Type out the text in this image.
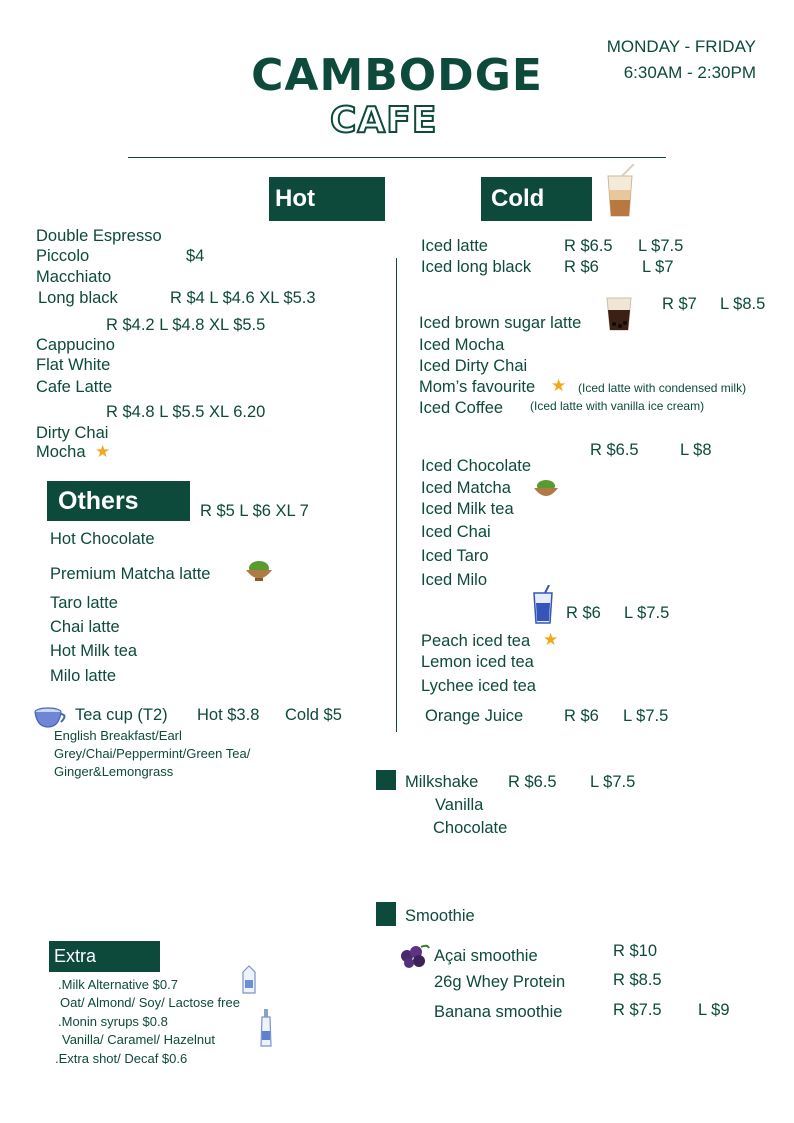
CAMBODGE
CAFE
MONDAY - FRIDAY
6:30AM - 2:30PM
Hot
Double Espresso
Piccolo	$4
Macchiato
Long black	R $4 L $4.6 XL $5.3
R $4.2 L $4.8 XL $5.5
Cappucino
Flat White
Cafe Latte
R $4.8 L $5.5 XL 6.20
Dirty Chai
Mocha ★
Others	R $5 L $6 XL 7
Hot Chocolate
Premium Matcha latte
Taro latte
Chai latte
Hot Milk tea
Milo latte
Tea cup (T2) Hot $3.8 Cold $5
English Breakfast/Earl
Grey/Chai/Peppermint/Green Tea/
Ginger&Lemongrass
Cold
Iced latte	R $6.5 L $7.5
Iced long black R $6	L $7
R $7 L $8.5
Iced brown sugar latte
Iced Mocha
Iced Dirty Chai
Mom’s favourite ★ (Iced latte with condensed milk)
Iced Coffee (Iced latte with vanilla ice cream)
R $6.5	L $8
Iced Chocolate
Iced Matcha
Iced Milk tea
Iced Chai
Iced Taro
Iced Milo
R $6 L $7.5
Peach iced tea ★
Lemon iced tea
Lychee iced tea
Orange Juice R $6 L $7.5
Milkshake R $6.5 L $7.5
Vanilla
Chocolate
Smoothie
Açai smoothie	R $10
26g Whey Protein	R $8.5
Banana smoothie	R $7.5 L $9
Extra
.Milk Alternative $0.7
Oat/ Almond/ Soy/ Lactose free
.Monin syrups $0.8
Vanilla/ Caramel/ Hazelnut
.Extra shot/ Decaf $0.6
